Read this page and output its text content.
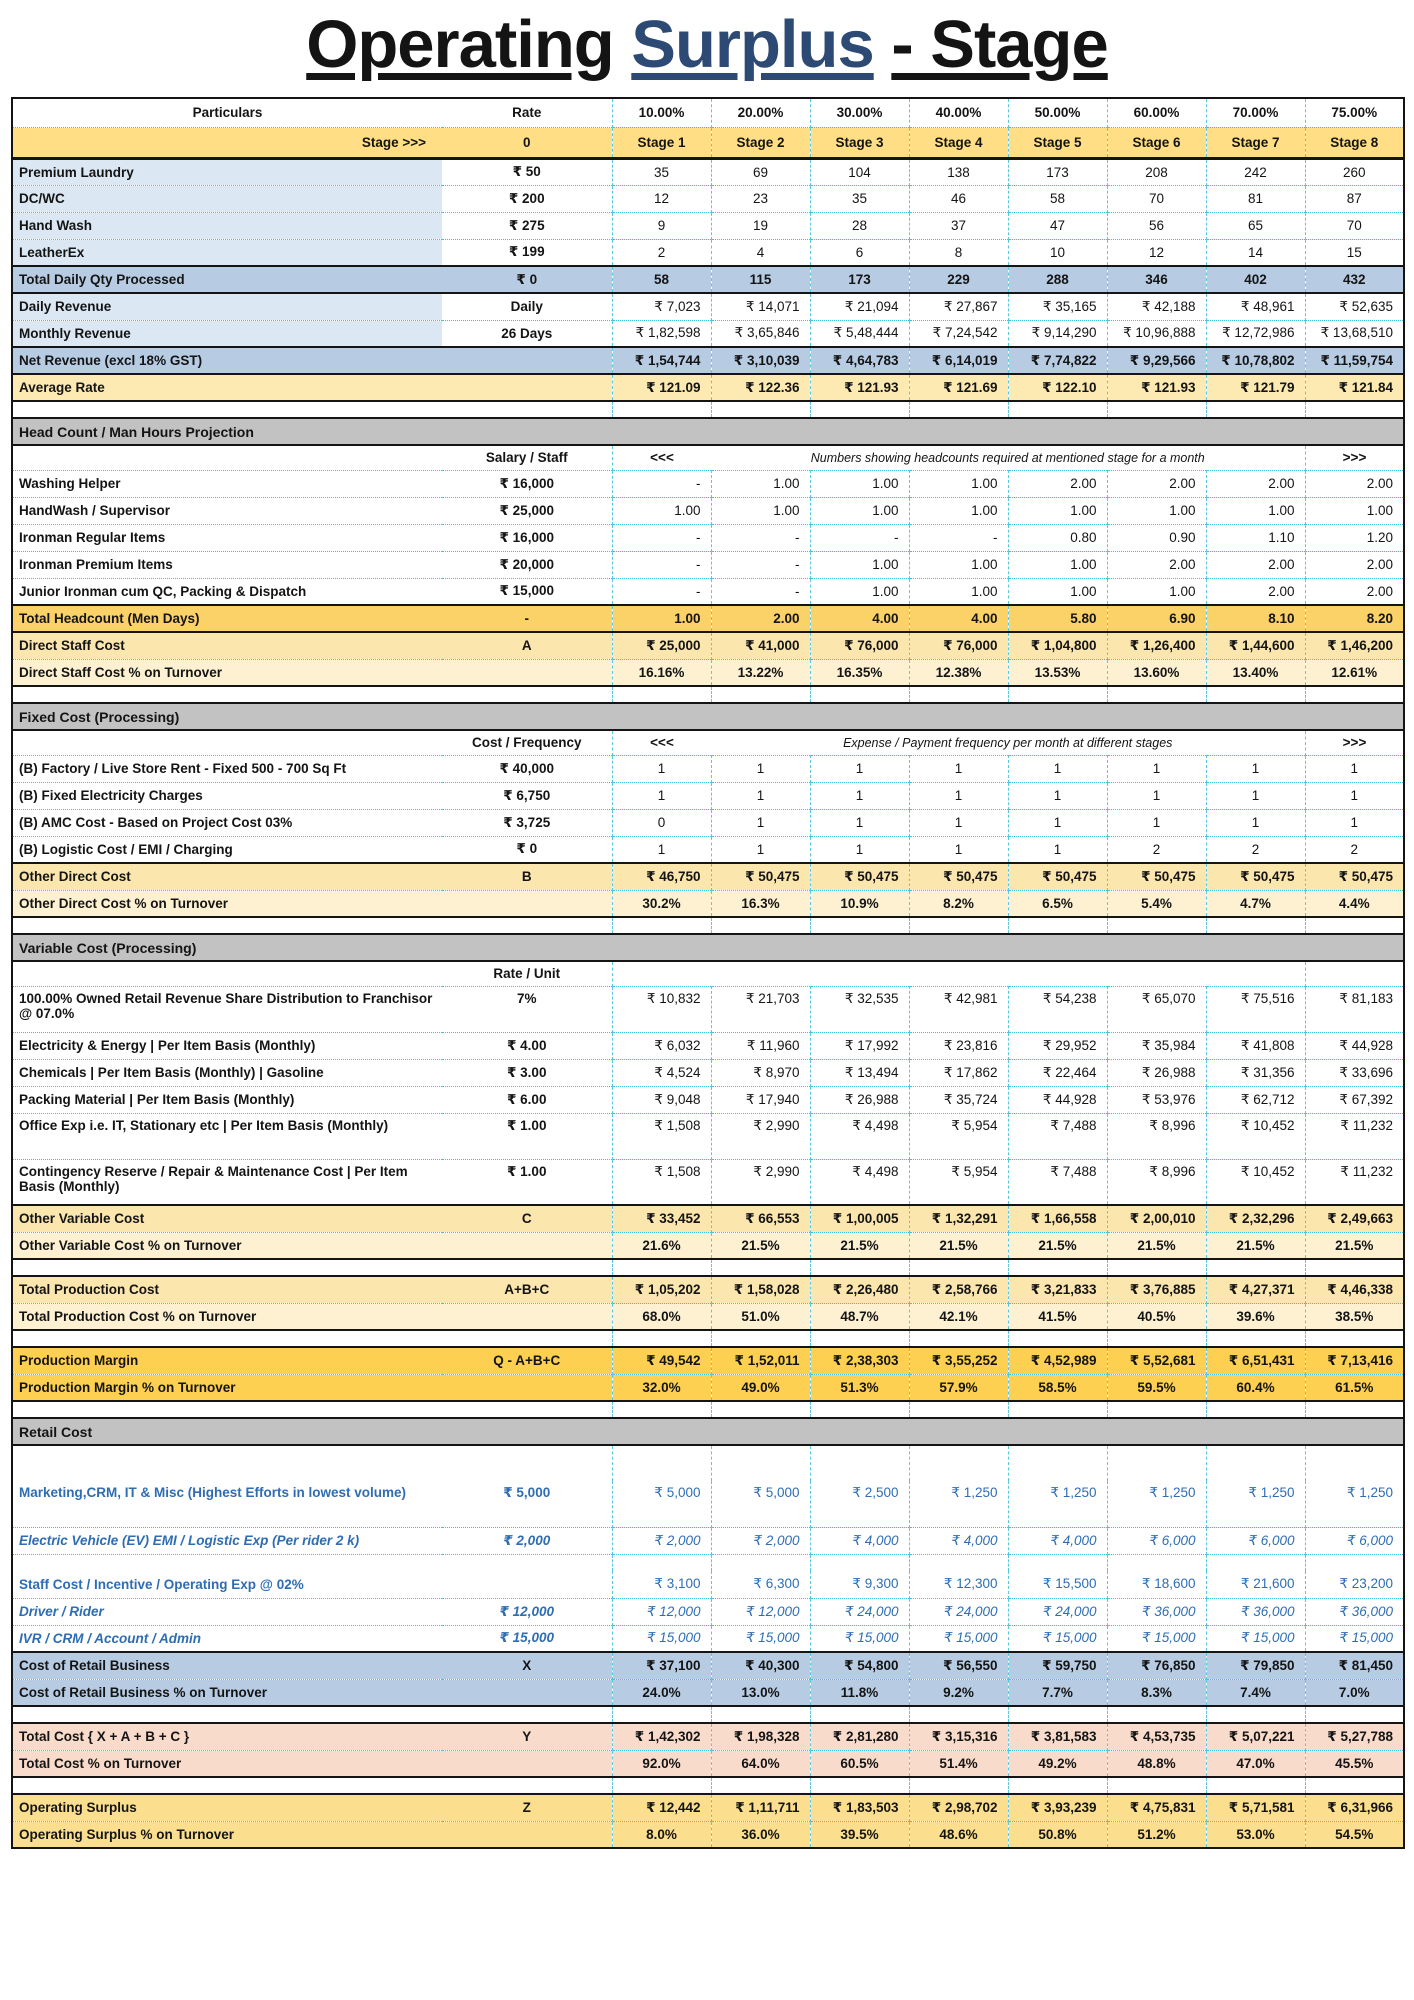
Operating Surplus - Stage
Particulars	Rate	10.00%	20.00%	30.00%	40.00%	50.00%	60.00%	70.00%	75.00%
Stage >>>	0	Stage 1	Stage 2	Stage 3	Stage 4	Stage 5	Stage 6	Stage 7	Stage 8
Premium Laundry	₹ 50	35	69	104	138	173	208	242	260
DC/WC	₹ 200	12	23	35	46	58	70	81	87
Hand Wash	₹ 275	9	19	28	37	47	56	65	70
LeatherEx	₹ 199	2	4	6	8	10	12	14	15
Total Daily Qty Processed	₹ 0	58	115	173	229	288	346	402	432
Daily Revenue	Daily	₹ 7,023	₹ 14,071	₹ 21,094	₹ 27,867	₹ 35,165	₹ 42,188	₹ 48,961	₹ 52,635
Monthly Revenue	26 Days	₹ 1,82,598	₹ 3,65,846	₹ 5,48,444	₹ 7,24,542	₹ 9,14,290	₹ 10,96,888	₹ 12,72,986	₹ 13,68,510
Net Revenue (excl 18% GST)		₹ 1,54,744	₹ 3,10,039	₹ 4,64,783	₹ 6,14,019	₹ 7,74,822	₹ 9,29,566	₹ 10,78,802	₹ 11,59,754
Average Rate		₹ 121.09	₹ 122.36	₹ 121.93	₹ 121.69	₹ 122.10	₹ 121.93	₹ 121.79	₹ 121.84

Head Count / Man Hours Projection									
	Salary / Staff	<<<	Numbers showing headcounts required at mentioned stage for a month						>>>
Washing Helper	₹ 16,000	-	1.00	1.00	1.00	2.00	2.00	2.00	2.00
HandWash / Supervisor	₹ 25,000	1.00	1.00	1.00	1.00	1.00	1.00	1.00	1.00
Ironman Regular Items	₹ 16,000	-	-	-	-	0.80	0.90	1.10	1.20
Ironman Premium Items	₹ 20,000	-	-	1.00	1.00	1.00	2.00	2.00	2.00
Junior Ironman cum QC, Packing & Dispatch	₹ 15,000	-	-	1.00	1.00	1.00	1.00	2.00	2.00
Total Headcount (Men Days)	-	1.00	2.00	4.00	4.00	5.80	6.90	8.10	8.20
Direct Staff Cost	A	₹ 25,000	₹ 41,000	₹ 76,000	₹ 76,000	₹ 1,04,800	₹ 1,26,400	₹ 1,44,600	₹ 1,46,200
Direct Staff Cost % on Turnover		16.16%	13.22%	16.35%	12.38%	13.53%	13.60%	13.40%	12.61%

Fixed Cost (Processing)									
	Cost / Frequency	<<<	Expense / Payment frequency per month at different stages						>>>
(B) Factory / Live Store Rent - Fixed 500 - 700 Sq Ft	₹ 40,000	1	1	1	1	1	1	1	1
(B) Fixed Electricity Charges	₹ 6,750	1	1	1	1	1	1	1	1
(B) AMC Cost - Based on Project Cost 03%	₹ 3,725	0	1	1	1	1	1	1	1
(B) Logistic Cost / EMI / Charging	₹ 0	1	1	1	1	1	2	2	2
Other Direct Cost	B	₹ 46,750	₹ 50,475	₹ 50,475	₹ 50,475	₹ 50,475	₹ 50,475	₹ 50,475	₹ 50,475
Other Direct Cost % on Turnover		30.2%	16.3%	10.9%	8.2%	6.5%	5.4%	4.7%	4.4%

Variable Cost (Processing)									
	Rate / Unit								
100.00% Owned Retail Revenue Share Distribution to Franchisor @ 07.0%	7%	₹ 10,832	₹ 21,703	₹ 32,535	₹ 42,981	₹ 54,238	₹ 65,070	₹ 75,516	₹ 81,183
Electricity & Energy | Per Item Basis (Monthly)	₹ 4.00	₹ 6,032	₹ 11,960	₹ 17,992	₹ 23,816	₹ 29,952	₹ 35,984	₹ 41,808	₹ 44,928
Chemicals | Per Item Basis (Monthly) | Gasoline	₹ 3.00	₹ 4,524	₹ 8,970	₹ 13,494	₹ 17,862	₹ 22,464	₹ 26,988	₹ 31,356	₹ 33,696
Packing Material | Per Item Basis (Monthly)	₹ 6.00	₹ 9,048	₹ 17,940	₹ 26,988	₹ 35,724	₹ 44,928	₹ 53,976	₹ 62,712	₹ 67,392
Office Exp i.e. IT, Stationary etc | Per Item Basis (Monthly)	₹ 1.00	₹ 1,508	₹ 2,990	₹ 4,498	₹ 5,954	₹ 7,488	₹ 8,996	₹ 10,452	₹ 11,232
Contingency Reserve / Repair & Maintenance Cost | Per Item Basis (Monthly)	₹ 1.00	₹ 1,508	₹ 2,990	₹ 4,498	₹ 5,954	₹ 7,488	₹ 8,996	₹ 10,452	₹ 11,232
Other Variable Cost	C	₹ 33,452	₹ 66,553	₹ 1,00,005	₹ 1,32,291	₹ 1,66,558	₹ 2,00,010	₹ 2,32,296	₹ 2,49,663
Other Variable Cost % on Turnover		21.6%	21.5%	21.5%	21.5%	21.5%	21.5%	21.5%	21.5%

Total Production Cost	A+B+C	₹ 1,05,202	₹ 1,58,028	₹ 2,26,480	₹ 2,58,766	₹ 3,21,833	₹ 3,76,885	₹ 4,27,371	₹ 4,46,338
Total Production Cost % on Turnover		68.0%	51.0%	48.7%	42.1%	41.5%	40.5%	39.6%	38.5%

Production Margin	Q - A+B+C	₹ 49,542	₹ 1,52,011	₹ 2,38,303	₹ 3,55,252	₹ 4,52,989	₹ 5,52,681	₹ 6,51,431	₹ 7,13,416
Production Margin % on Turnover		32.0%	49.0%	51.3%	57.9%	58.5%	59.5%	60.4%	61.5%

Retail Cost									

Marketing,CRM, IT & Misc (Highest Efforts in lowest volume)	₹ 5,000	₹ 5,000	₹ 5,000	₹ 2,500	₹ 1,250	₹ 1,250	₹ 1,250	₹ 1,250	₹ 1,250
Electric Vehicle (EV) EMI / Logistic Exp (Per rider 2 k)	₹ 2,000	₹ 2,000	₹ 2,000	₹ 4,000	₹ 4,000	₹ 4,000	₹ 6,000	₹ 6,000	₹ 6,000

Staff Cost / Incentive / Operating Exp @ 02%		₹ 3,100	₹ 6,300	₹ 9,300	₹ 12,300	₹ 15,500	₹ 18,600	₹ 21,600	₹ 23,200
Driver / Rider	₹ 12,000	₹ 12,000	₹ 12,000	₹ 24,000	₹ 24,000	₹ 24,000	₹ 36,000	₹ 36,000	₹ 36,000
IVR / CRM / Account / Admin	₹ 15,000	₹ 15,000	₹ 15,000	₹ 15,000	₹ 15,000	₹ 15,000	₹ 15,000	₹ 15,000	₹ 15,000
Cost of Retail Business	X	₹ 37,100	₹ 40,300	₹ 54,800	₹ 56,550	₹ 59,750	₹ 76,850	₹ 79,850	₹ 81,450
Cost of Retail Business % on Turnover		24.0%	13.0%	11.8%	9.2%	7.7%	8.3%	7.4%	7.0%

Total Cost { X + A + B + C }	Y	₹ 1,42,302	₹ 1,98,328	₹ 2,81,280	₹ 3,15,316	₹ 3,81,583	₹ 4,53,735	₹ 5,07,221	₹ 5,27,788
Total Cost % on Turnover		92.0%	64.0%	60.5%	51.4%	49.2%	48.8%	47.0%	45.5%

Operating Surplus	Z	₹ 12,442	₹ 1,11,711	₹ 1,83,503	₹ 2,98,702	₹ 3,93,239	₹ 4,75,831	₹ 5,71,581	₹ 6,31,966
Operating Surplus % on Turnover		8.0%	36.0%	39.5%	48.6%	50.8%	51.2%	53.0%	54.5%
